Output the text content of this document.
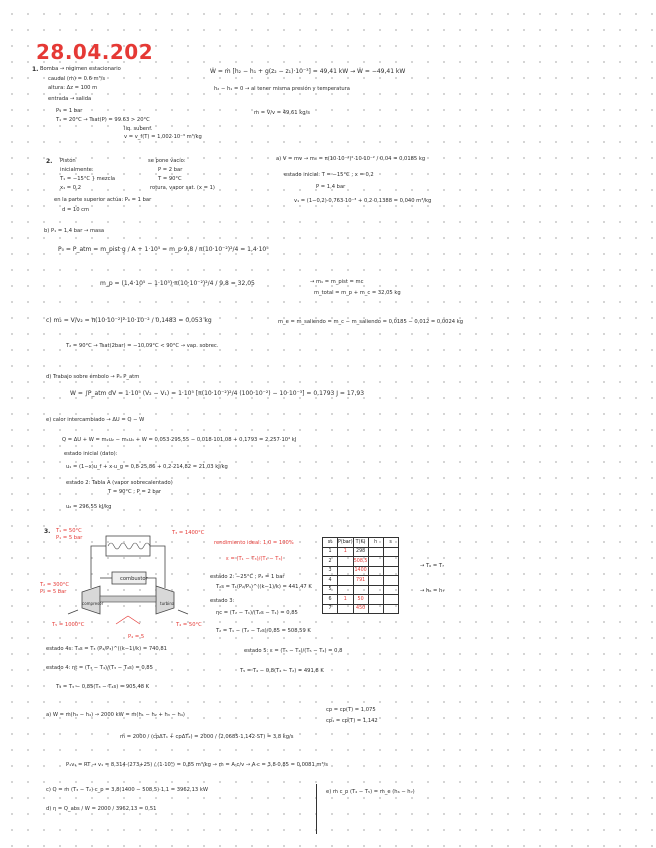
28.04.202
1. Bomba → régimen estacionario
caudal (ṁ) = 0.6 m³/s
altura: Δz = 100 m
entrada → salida
P₁ = 1 bar
T₁ = 20°C → Tsat(P) = 99.63 > 20°C
liq. subenf.
v = v_f(T) = 1,002·10⁻³ m³/kg
Ẇ = ṁ [h₂ − h₁ + g(z₂ − z₁)·10⁻³] = 49,41 kW → Ẇ = −49,41 kW
h₂ − h₁ = 0 → al tener misma presión y temperatura
ṁ = V/v = 49,61 kg/s
2. Pistón
inicialmente:
T₁ = −15°C } mezcla
x₁ = 0,2
en la parte superior actúa: P₀ = 1 bar
d = 10 cm
se pone vacío:
P = 2 bar
T = 90°C
rotura, vapor sat. (x = 1)
a) V = mv → m₁ = π(10·10⁻²)²·10·10⁻² / 0,04 = 0,0185 kg
estado inicial: T = −15°C ; x = 0,2
P = 1,4 bar
v₁ = (1−0,2)·0,763·10⁻³ + 0,2·0,1388 = 0,040 m³/kg
b) P₁ = 1,4 bar → masa
P₀ = P_atm = m_pist·g / A + 1·10⁵ = m_p·9,8 / π(10·10⁻²)²/4 = 1,4·10⁵
m_p = (1,4·10⁵ − 1·10⁵)·π(10·10⁻²)²/4 / 9,8 = 32,05	→ m₁ = m_pist = mc
m_total = m_p + m_c = 32,05 kg
c) m₂ = V/v₂ = π(10·10⁻²)²·10·10⁻² / 0,1483 = 0,053 kg	m_e = m_saliendo = m_c − m_saliendo = 0,0185 − 0,012 = 0,0024 kg
T₂ = 90°C → Tsat(2bar) = −10,09°C < 90°C → vap. sobrec.
d) Trabajo sobre émbolo → P₀ P_atm
W = ∫P_atm dV = 1·10⁵ (V₂ − V₁) = 1·10⁵ [π(10·10⁻²)²/4 (100·10⁻²) − 10·10⁻³] = 0,1793 J = 17,93
e) calor intercambiado → ΔU = Q − W
Q = ΔU + W = m₂u₂ − m₁u₁ + W = 0,053·295,55 − 0,018·101,08 + 0,1793 = 2,257·10⁴ kJ
estado inicial (dato):
u₁ = (1−x)u_f + x·u_g = 0,8·25,86 + 0,2·214,82 = 21,03 kJ/kg
estado 2: Tabla A (vapor sobrecalentado)
T = 90°C ; P = 2 bar
u₂ = 296,55 kJ/kg
3. T₁ = 50°C
P₁ = 5 bar
T₃ = 1400°C
T₂ = 300°C
P₂ = 5 bar
combustor
compresor	turbina
P₄ = 5
T₄ = 50°C
T₅ = 1000°C
rendimiento ideal: 1,0 = 100%
ε = (T₁ − T₃)/(T₁ − T₃)
estado 2: −25°C ; P₂ = 1 bar
T₂s = T₁(P₂/P₁)^((k−1)/k) = 441,47 K
estado 3:
ηc = (T₂ − T₁)/(T₂s − T₁) = 0,85
T₂ = T₁ − (T₂ − T₂s)/0,85 = 508,59 K
estado 5: ε = (T₅ − T₄)/(T₅ − T₄) = 0,8
T₅ = T₄ − 0,8(T₄ − T₂) = 491,8 K
st	P(bar)	T(K)	h	s
1	1	298		
2		508,5		
3		1400		
4		791		
5				
6	1	50		
7		450		
→ T₆ = T₇
→ h₆ = h₇
estado 4s: T₄s = T₃ (P₄/P₃)^((k−1)/k) = 740,81
estado 4: ηt = (T₃ − T₄)/(T₃ − T₄s) = 0,85
T₄ = T₃ − 0,85(T₃ − T₄s) = 905,48 K
a) W = ṁ(h₃ − h₄) → 2000 kW = ṁ(h₁ − h₂ + h₃ − h₄)
cp = cp(T) = 1,075
cp₁ = cp(T) = 1,142
ṁ = 2000 / (cpΔT₁ + cpΔT₂) = 2000 / (2,0685·1,142·ST) = 3,8 kg/s
P₁v₁ = RT → v₁ = 8,314·(273+25) / (1·10⁵) = 0,85 m³/kg → ṁ = A·c/v → A·c = 3,8·0,85 = 0,0081 m³/s
c) Q = ṁ (T₃ − T₂)·c_p = 3,8(1400 − 508,5)·1,1 = 3962,13 kW
d) η = Q_abs / W = 2000 / 3962,13 = 0,51
e) ṁ c_p (T₄ − T₅) = ṁ_e (h₆ − h₇)
